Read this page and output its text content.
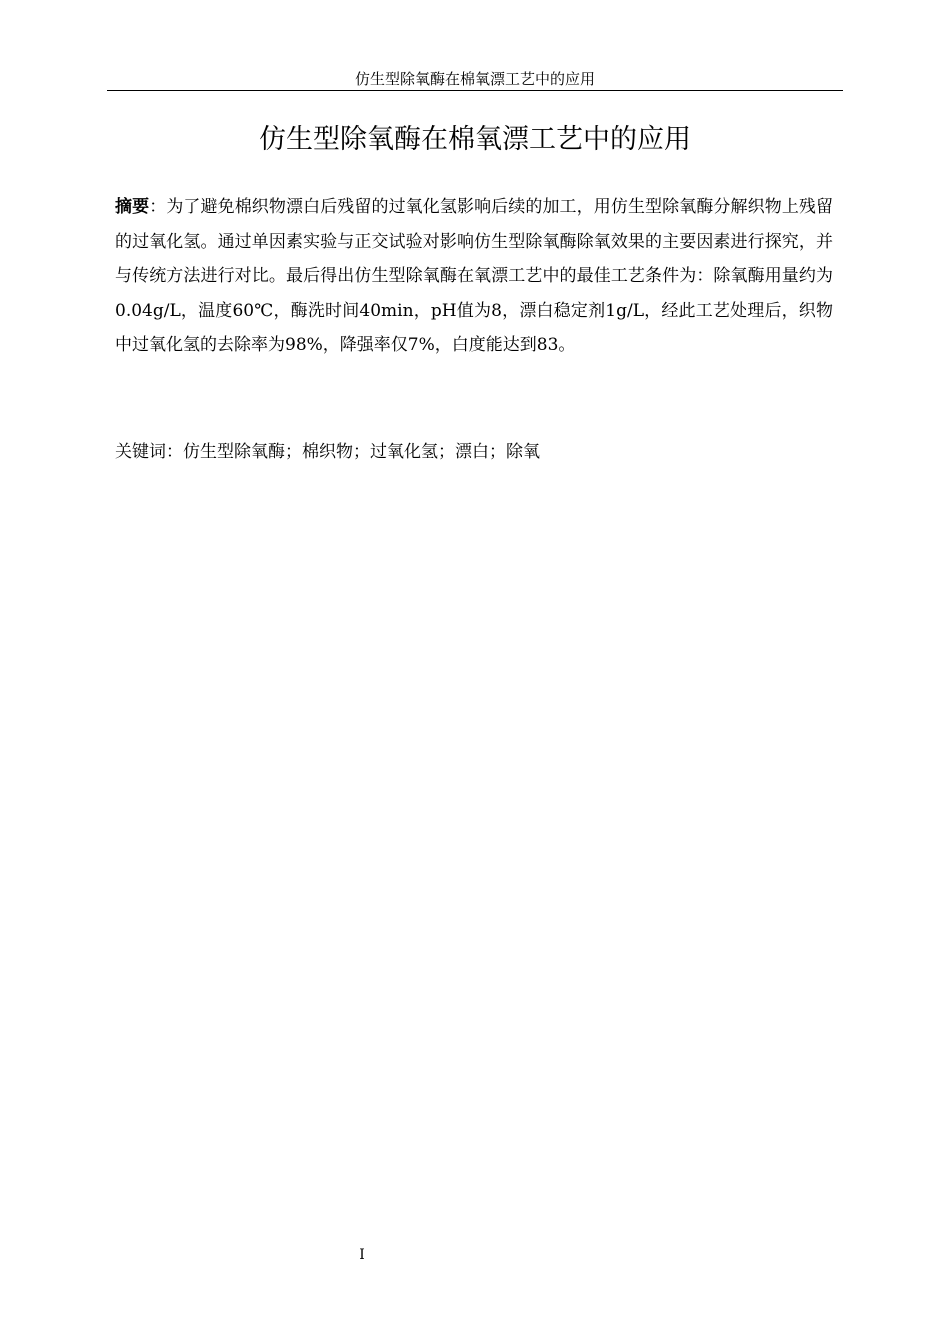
仿生型除氧酶在棉氧漂工艺中的应用
仿生型除氧酶在棉氧漂工艺中的应用

摘要：为了避免棉织物漂白后残留的过氧化氢影响后续的加工，用仿生型除氧酶分解织物上残留的过氧化氢。通过单因素实验与正交试验对影响仿生型除氧酶除氧效果的主要因素进行探究，并与传统方法进行对比。最后得出仿生型除氧酶在氧漂工艺中的最佳工艺条件为：除氧酶用量约为0.04g/L，温度60℃，酶洗时间40min，pH值为8，漂白稳定剂1g/L，经此工艺处理后，织物中过氧化氢的去除率为98%，降强率仅7%，白度能达到83。

关键词：仿生型除氧酶；棉织物；过氧化氢；漂白；除氧

I
